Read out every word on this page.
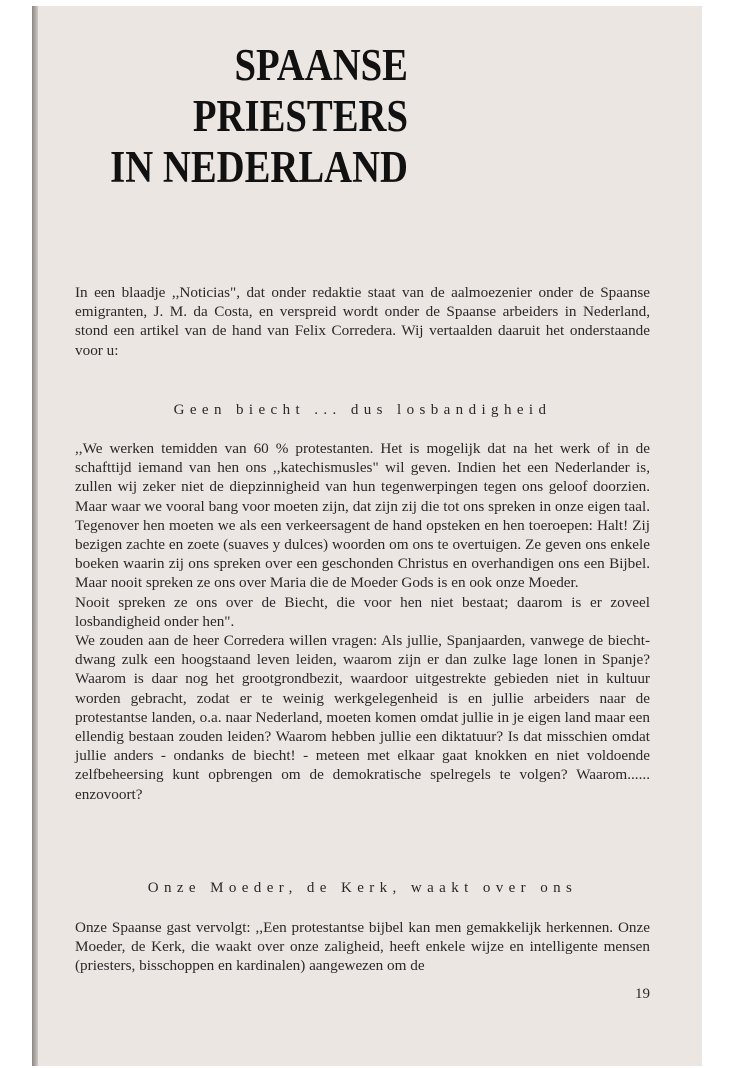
SPAANSE
PRIESTERS
IN NEDERLAND

In een blaadje ,,Noticias", dat onder redaktie staat van de aalmoezenier onder de Spaanse emigranten, J. M. da Costa, en verspreid wordt onder de Spaanse arbeiders in Nederland, stond een artikel van de hand van Felix Corredera. Wij vertaalden daaruit het onderstaande voor u:

Geen biecht ... dus losbandigheid

,,We werken temidden van 60 % protestanten. Het is mogelijk dat na het werk of in de schafttijd iemand van hen ons ,,katechismusles" wil geven. Indien het een Nederlander is, zullen wij zeker niet de diepzinnigheid van hun tegenwerpingen tegen ons geloof doorzien. Maar waar we vooral bang voor moeten zijn, dat zijn zij die tot ons spreken in onze eigen taal. Tegenover hen moeten we als een verkeersagent de hand opsteken en hen toeroepen: Halt! Zij bezigen zachte en zoete (suaves y dulces) woorden om ons te overtuigen. Ze geven ons enkele boeken waarin zij ons spreken over een geschonden Christus en overhandigen ons een Bijbel. Maar nooit spreken ze ons over Maria die de Moeder Gods is en ook onze Moeder.

Nooit spreken ze ons over de Biecht, die voor hen niet bestaat; daarom is er zoveel losbandigheid onder hen".

We zouden aan de heer Corredera willen vragen: Als jullie, Spanjaarden, vanwege de biecht-dwang zulk een hoogstaand leven leiden, waarom zijn er dan zulke lage lonen in Spanje? Waarom is daar nog het grootgrondbezit, waardoor uitgestrekte gebieden niet in kultuur worden gebracht, zodat er te weinig werkgelegenheid is en jullie arbeiders naar de protestantse landen, o.a. naar Nederland, moeten komen omdat jullie in je eigen land maar een ellendig bestaan zouden leiden? Waarom hebben jullie een diktatuur? Is dat misschien omdat jullie anders - ondanks de biecht! - meteen met elkaar gaat knokken en niet voldoende zelfbeheersing kunt opbrengen om de demokratische spelregels te volgen? Waarom...... enzovoort?

Onze Moeder, de Kerk, waakt over ons

Onze Spaanse gast vervolgt: ,,Een protestantse bijbel kan men gemakkelijk herkennen. Onze Moeder, de Kerk, die waakt over onze zaligheid, heeft enkele wijze en intelligente mensen (priesters, bisschoppen en kardinalen) aangewezen om de

19
